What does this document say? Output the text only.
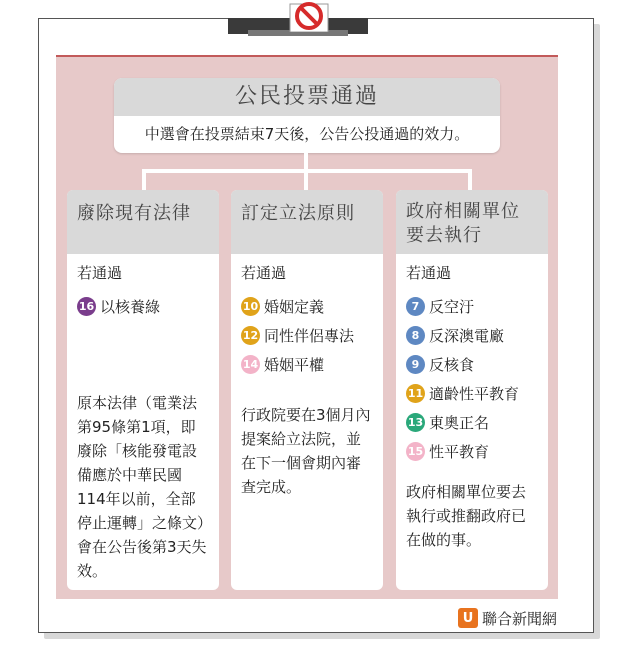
公民投票通過
中選會在投票結束7天後，公告公投通過的效力。
廢除現有法律
若通過
16 以核養綠
原本法律（電業法第95條第1項，即廢除「核能發電設備應於中華民國114年以前，全部停止運轉」之條文）會在公告後第3天失效。
訂定立法原則
若通過
10 婚姻定義
12 同性伴侶專法
14 婚姻平權
行政院要在3個月內提案給立法院，並在下一個會期內審查完成。
政府相關單位要去執行
若通過
7 反空汙
8 反深澳電廠
9 反核食
11 適齡性平教育
13 東奧正名
15 性平教育
政府相關單位要去執行或推翻政府已在做的事。
U 聯合新聞網
